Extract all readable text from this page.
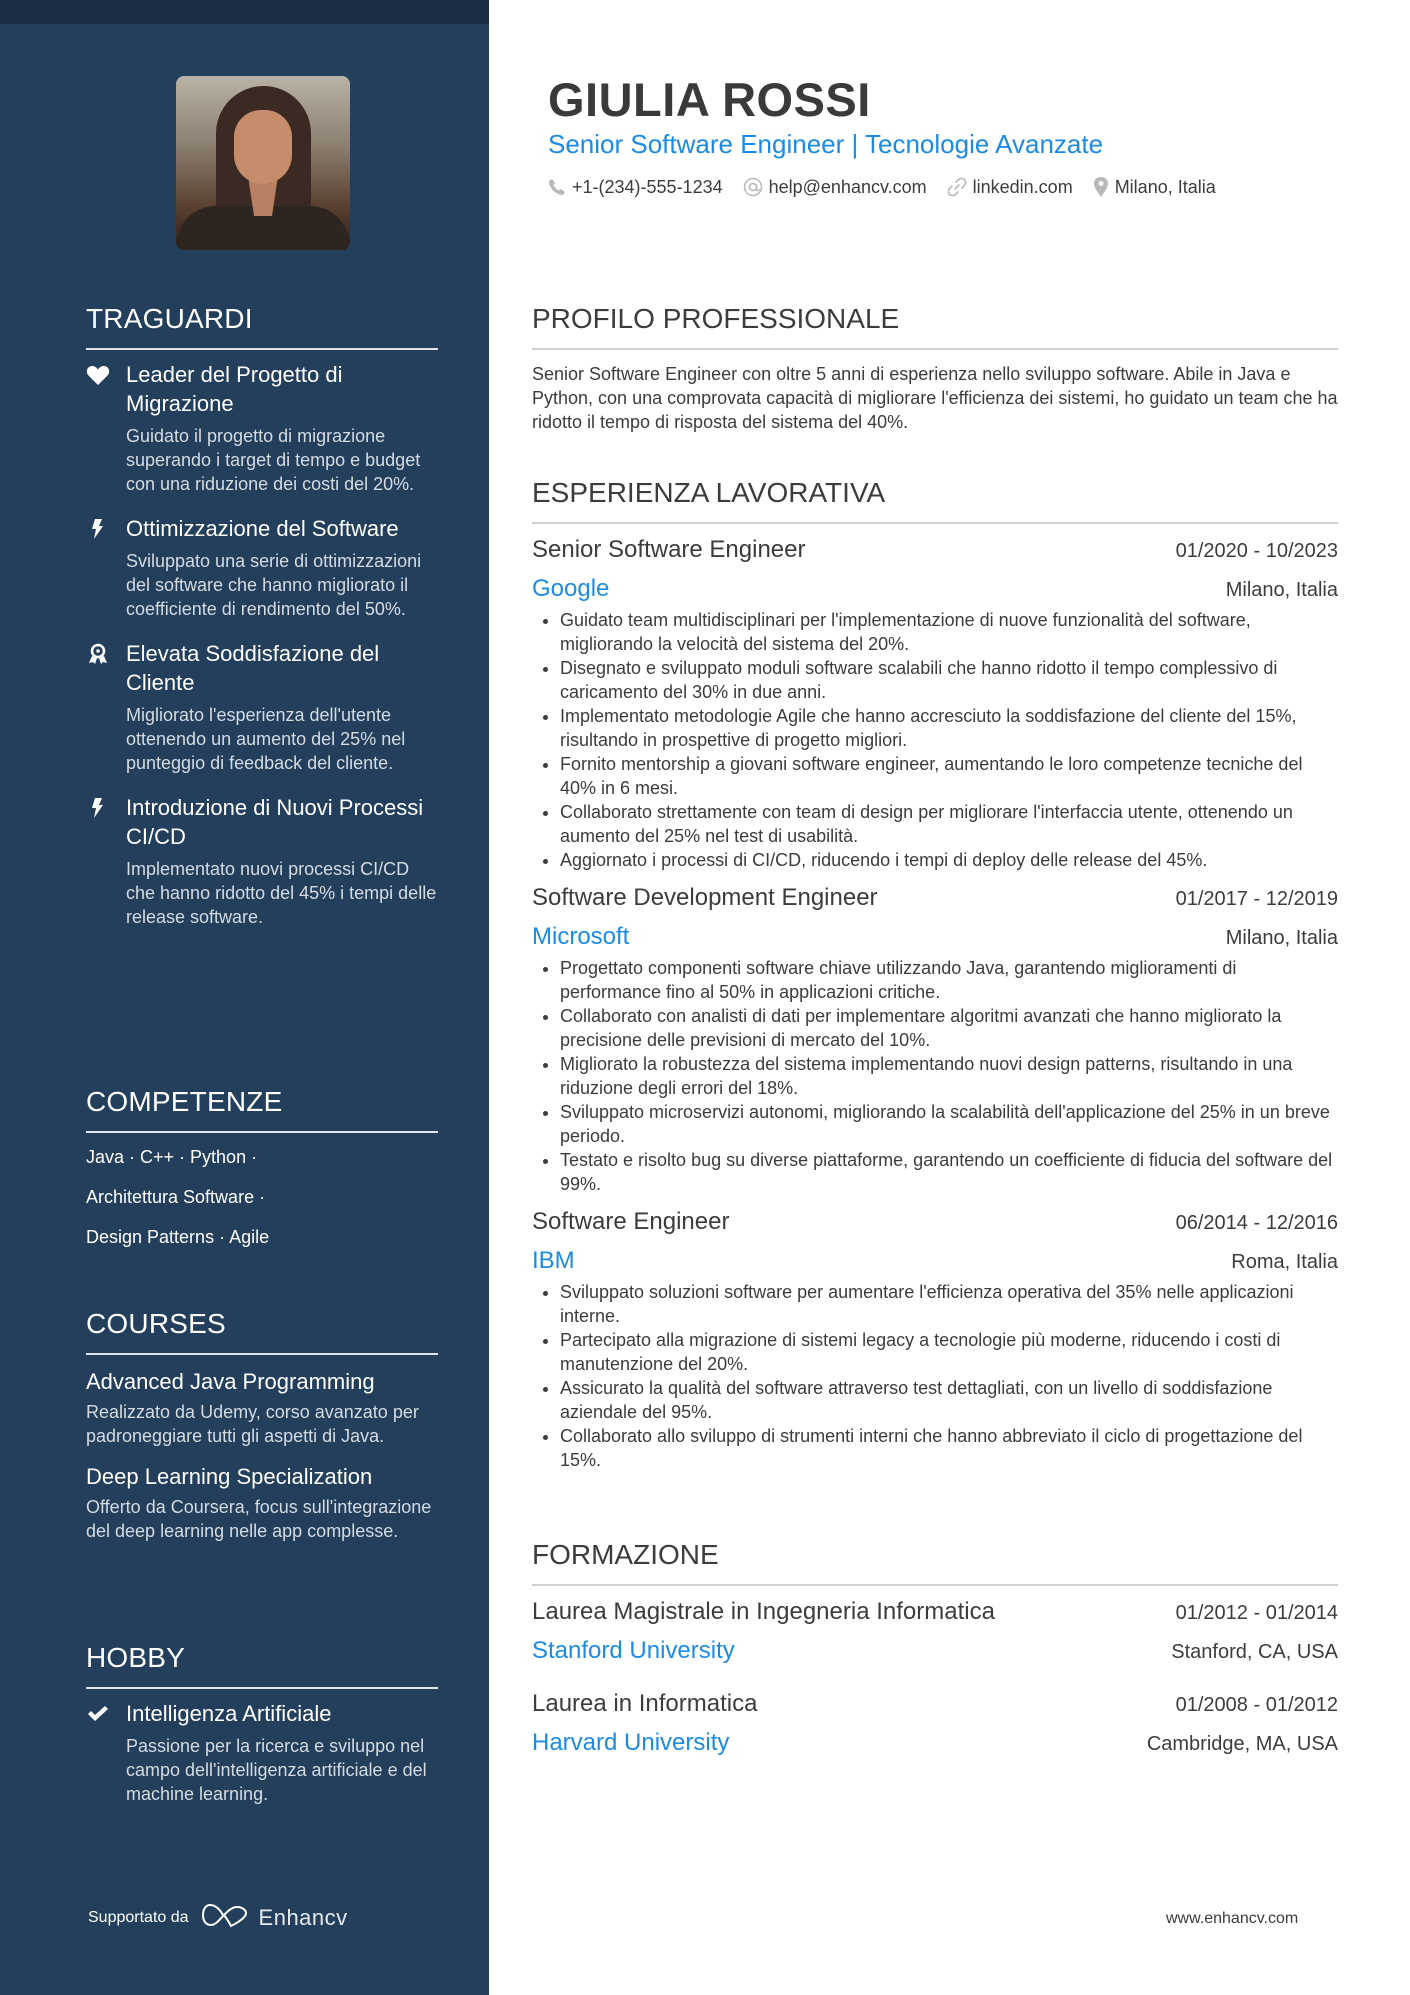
TRAGUARDI
Leader del Progetto di Migrazione
Guidato il progetto di migrazione superando i target di tempo e budget con una riduzione dei costi del 20%.
Ottimizzazione del Software
Sviluppato una serie di ottimizzazioni del software che hanno migliorato il coefficiente di rendimento del 50%.
Elevata Soddisfazione del Cliente
Migliorato l'esperienza dell'utente ottenendo un aumento del 25% nel punteggio di feedback del cliente.
Introduzione di Nuovi Processi CI/CD
Implementato nuovi processi CI/CD che hanno ridotto del 45% i tempi delle release software.
COMPETENZE
Java · C++ · Python ·
Architettura Software ·
Design Patterns · Agile
COURSES
Advanced Java Programming
Realizzato da Udemy, corso avanzato per padroneggiare tutti gli aspetti di Java.
Deep Learning Specialization
Offerto da Coursera, focus sull'integrazione del deep learning nelle app complesse.
HOBBY
Intelligenza Artificiale
Passione per la ricerca e sviluppo nel campo dell'intelligenza artificiale e del machine learning.
Supportato da	Enhancv
GIULIA ROSSI
Senior Software Engineer | Tecnologie Avanzate
+1-(234)-555-1234	help@enhancv.com	linkedin.com Milano, Italia
PROFILO PROFESSIONALE
Senior Software Engineer con oltre 5 anni di esperienza nello sviluppo software. Abile in Java e Python, con una comprovata capacità di migliorare l'efficienza dei sistemi, ho guidato un team che ha ridotto il tempo di risposta del sistema del 40%.
ESPERIENZA LAVORATIVA
Senior Software Engineer	01/2020 - 10/2023
Google	Milano, Italia
• Guidato team multidisciplinari per l'implementazione di nuove funzionalità del software, migliorando la velocità del sistema del 20%.
• Disegnato e sviluppato moduli software scalabili che hanno ridotto il tempo complessivo di caricamento del 30% in due anni.
• Implementato metodologie Agile che hanno accresciuto la soddisfazione del cliente del 15%, risultando in prospettive di progetto migliori.
• Fornito mentorship a giovani software engineer, aumentando le loro competenze tecniche del 40% in 6 mesi.
• Collaborato strettamente con team di design per migliorare l'interfaccia utente, ottenendo un aumento del 25% nel test di usabilità.
• Aggiornato i processi di CI/CD, riducendo i tempi di deploy delle release del 45%.
Software Development Engineer	01/2017 - 12/2019
Microsoft	Milano, Italia
• Progettato componenti software chiave utilizzando Java, garantendo miglioramenti di performance fino al 50% in applicazioni critiche.
• Collaborato con analisti di dati per implementare algoritmi avanzati che hanno migliorato la precisione delle previsioni di mercato del 10%.
• Migliorato la robustezza del sistema implementando nuovi design patterns, risultando in una riduzione degli errori del 18%.
• Sviluppato microservizi autonomi, migliorando la scalabilità dell'applicazione del 25% in un breve periodo.
• Testato e risolto bug su diverse piattaforme, garantendo un coefficiente di fiducia del software del 99%.
Software Engineer	06/2014 - 12/2016
IBM	Roma, Italia
• Sviluppato soluzioni software per aumentare l'efficienza operativa del 35% nelle applicazioni interne.
• Partecipato alla migrazione di sistemi legacy a tecnologie più moderne, riducendo i costi di manutenzione del 20%.
• Assicurato la qualità del software attraverso test dettagliati, con un livello di soddisfazione aziendale del 95%.
• Collaborato allo sviluppo di strumenti interni che hanno abbreviato il ciclo di progettazione del 15%.
FORMAZIONE
Laurea Magistrale in Ingegneria Informatica	01/2012 - 01/2014
Stanford University	Stanford, CA, USA
Laurea in Informatica	01/2008 - 01/2012
Harvard University	Cambridge, MA, USA
www.enhancv.com
